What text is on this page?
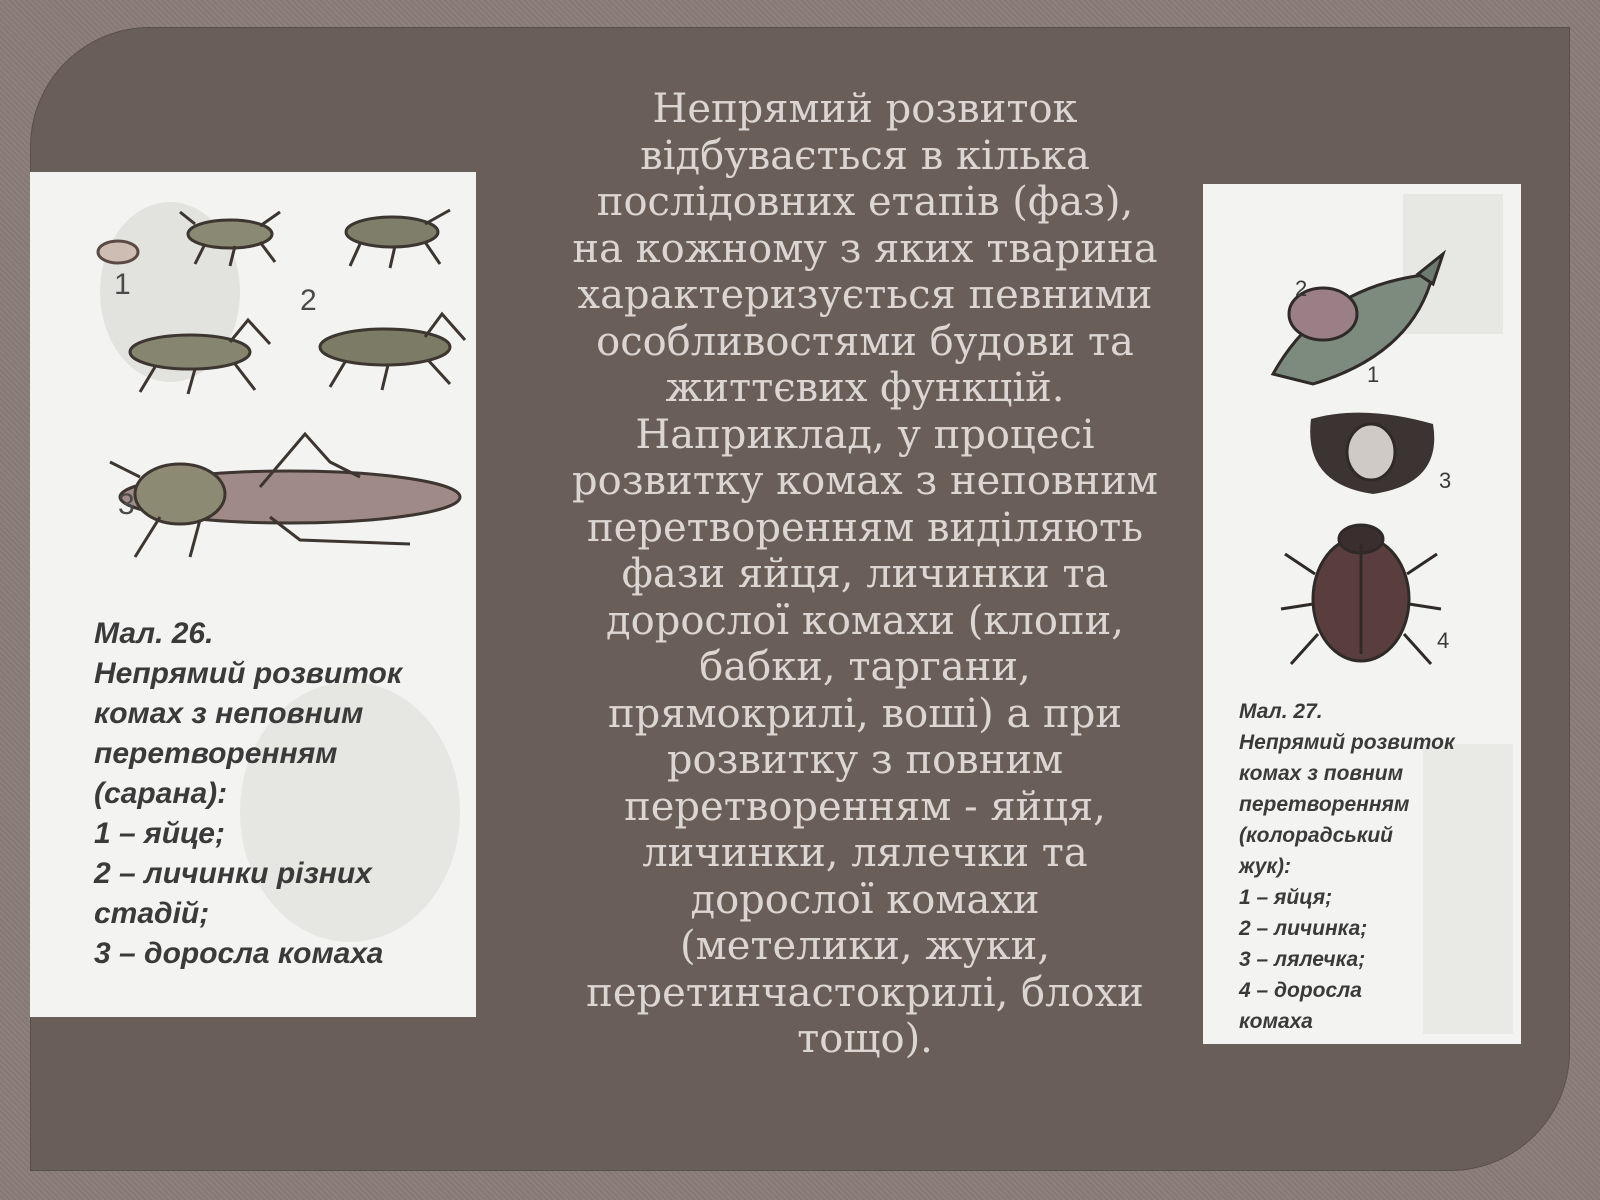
Непрямий розвиток
відбувається в кілька
послідовних етапів (фаз),
на кожному з яких тварина
характеризується певними
особливостями будови та
життєвих функцій.
Наприклад, у процесі
розвитку комах з неповним
перетворенням виділяють
фази яйця, личинки та
дорослої комахи (клопи,
бабки, таргани,
прямокрилі, воші) а при
розвитку з повним
перетворенням - яйця,
личинки, лялечки та
дорослої комахи
(метелики, жуки,
перетинчастокрилі, блохи
тощо).

1	2
3
Мал. 26.
Непрямий розвиток
комах з неповним
перетворенням
(сарана):
1 – яйце;
2 – личинки різних
стадій;
3 – доросла комаха
2
1
3
4
Мал. 27.
Непрямий розвиток
комах з повним
перетворенням
(колорадський
жук):
1 – яйця;
2 – личинка;
3 – лялечка;
4 – доросла
комаха
